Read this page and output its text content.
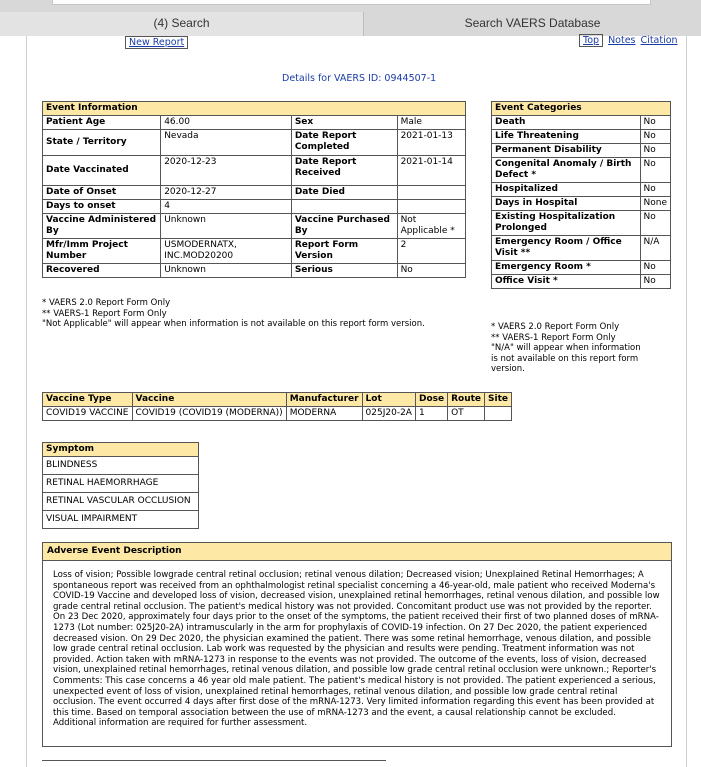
(4) Search	Search VAERS Database
New Report	Top Notes Citation
Details for VAERS ID: 0944507-1
Event Information			
Patient Age	46.00	Sex	Male
State / Territory	Nevada	Date Report Completed	2021-01-13
Date Vaccinated	2020-12-23	Date Report Received	2021-01-14
Date of Onset	2020-12-27	Date Died	
Days to onset	4		
Vaccine Administered By	Unknown	Vaccine Purchased By	Not Applicable *
Mfr/Imm Project Number	USMODERNATX, INC.MOD20200	Report Form Version	2
Recovered	Unknown	Serious	No
* VAERS 2.0 Report Form Only
** VAERS-1 Report Form Only
"Not Applicable" will appear when information is not available on this report form version.
Event Categories	
Death	No
Life Threatening	No
Permanent Disability	No
Congenital Anomaly / Birth Defect *	No
Hospitalized	No
Days in Hospital	None
Existing Hospitalization Prolonged	No
Emergency Room / Office Visit **	N/A
Emergency Room *	No
Office Visit *	No
* VAERS 2.0 Report Form Only
** VAERS-1 Report Form Only
"N/A" will appear when information is not available on this report form version.
Vaccine Type	Vaccine	Manufacturer	Lot	Dose	Route	Site
COVID19 VACCINE	COVID19 (COVID19 (MODERNA))	MODERNA	025J20-2A	1	OT	
Symptom
BLINDNESS
RETINAL HAEMORRHAGE
RETINAL VASCULAR OCCLUSION
VISUAL IMPAIRMENT
Adverse Event Description
Loss of vision; Possible lowgrade central retinal occlusion; retinal venous dilation; Decreased vision; Unexplained Retinal Hemorrhages; A spontaneous report was received from an ophthalmologist retinal specialist concerning a 46-year-old, male patient who received Moderna's COVID-19 Vaccine and developed loss of vision, decreased vision, unexplained retinal hemorrhages, retinal venous dilation, and possible low grade central retinal occlusion. The patient's medical history was not provided. Concomitant product use was not provided by the reporter. On 23 Dec 2020, approximately four days prior to the onset of the symptoms, the patient received their first of two planned doses of mRNA-1273 (Lot number: 025J20-2A) intramuscularly in the arm for prophylaxis of COVID-19 infection. On 27 Dec 2020, the patient experienced decreased vision. On 29 Dec 2020, the physician examined the patient. There was some retinal hemorrhage, venous dilation, and possible low grade central retinal occlusion. Lab work was requested by the physician and results were pending. Treatment information was not provided. Action taken with mRNA-1273 in response to the events was not provided. The outcome of the events, loss of vision, decreased vision, unexplained retinal hemorrhages, retinal venous dilation, and possible low grade central retinal occlusion were unknown.; Reporter's Comments: This case concerns a 46 year old male patient. The patient's medical history is not provided. The patient experienced a serious, unexpected event of loss of vision, unexplained retinal hemorrhages, retinal venous dilation, and possible low grade central retinal occlusion. The event occurred 4 days after first dose of the mRNA-1273. Very limited information regarding this event has been provided at this time. Based on temporal association between the use of mRNA-1273 and the event, a causal relationship cannot be excluded. Additional information are required for further assessment.
